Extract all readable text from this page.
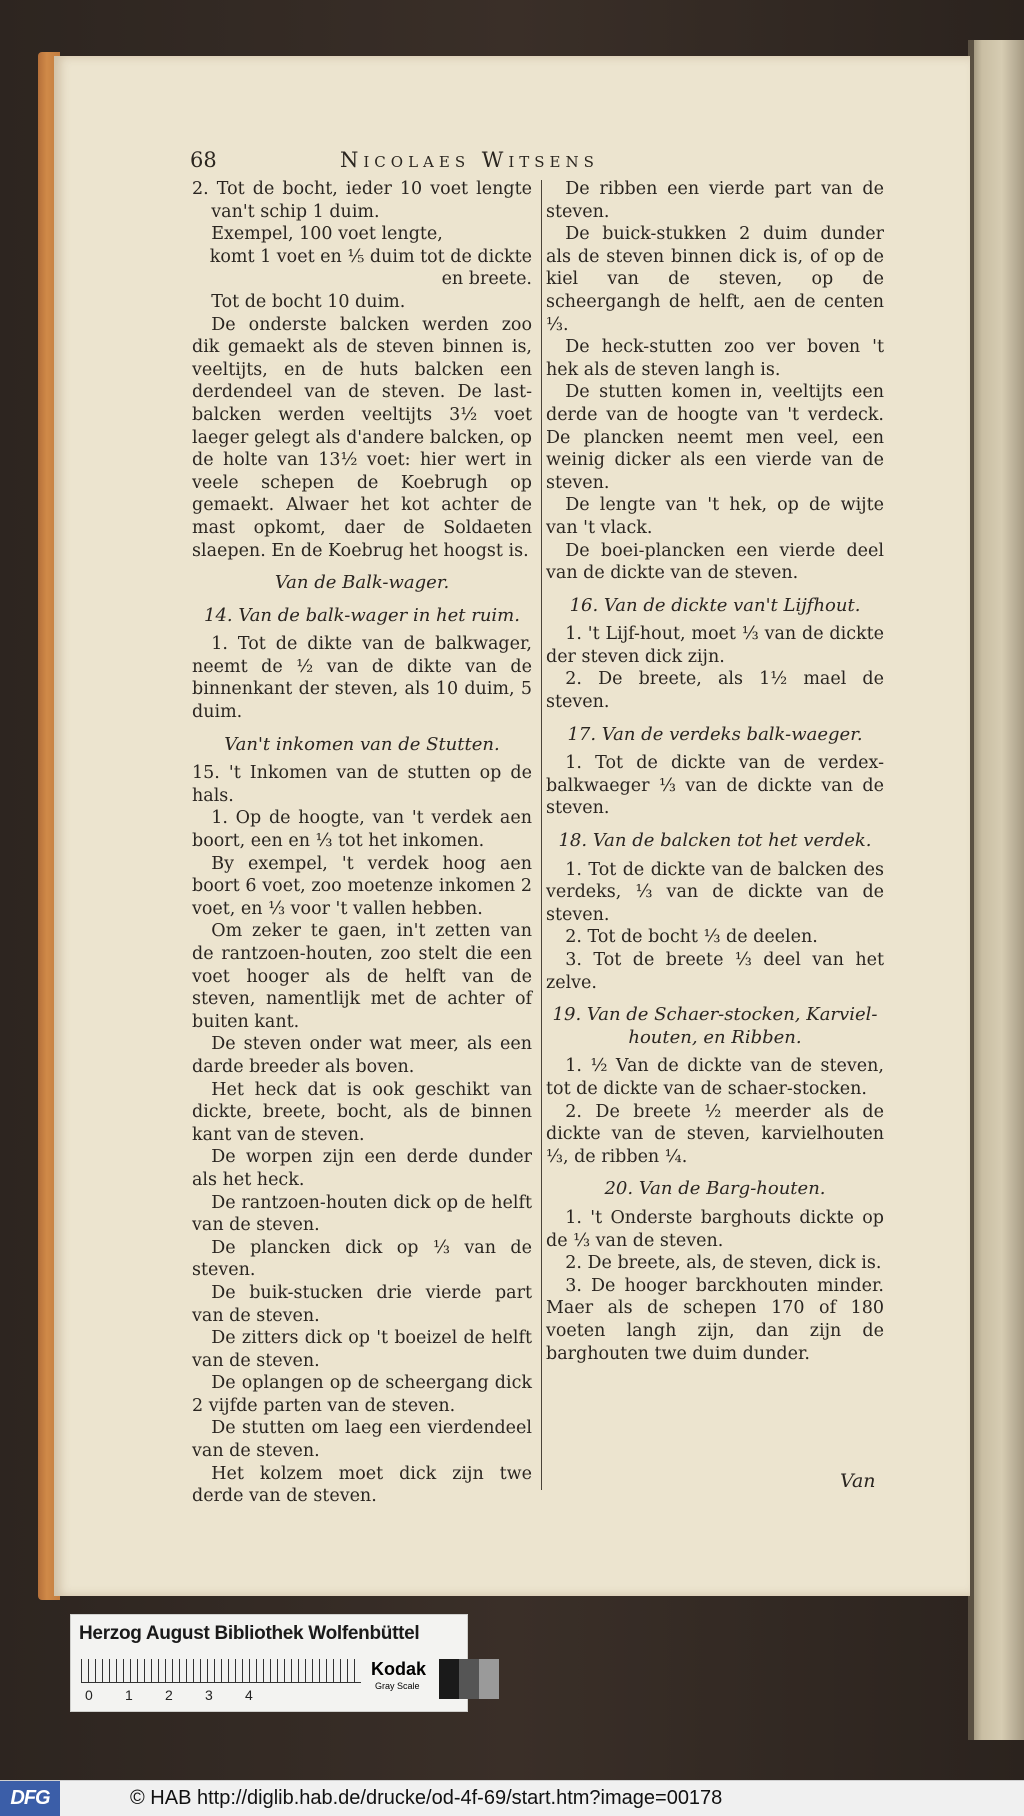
68	Nicolaes Witsens

2. Tot de bocht, ieder 10 voet lengte van't schip 1 duim.

Exempel, 100 voet lengte,

komt 1 voet en ⅕ duim tot de dickte en breete.

Tot de bocht 10 duim.

De onderste balcken werden zoo dik gemaekt als de steven binnen is, veeltijts, en de huts balcken een derdendeel van de steven. De last-balcken werden veeltijts 3½ voet laeger gelegt als d'andere balcken, op de holte van 13½ voet: hier wert in veele schepen de Koebrugh op gemaekt. Alwaer het kot achter de mast opkomt, daer de Soldaeten slaepen. En de Koebrug het hoogst is.

Van de Balk-wager.
14. Van de balk-wager in het ruim.

1. Tot de dikte van de balkwager, neemt de ½ van de dikte van de binnenkant der steven, als 10 duim, 5 duim.

Van't inkomen van de Stutten.

15. 't Inkomen van de stutten op de hals.

1. Op de hoogte, van 't verdek aen boort, een en ⅓ tot het inkomen.

By exempel, 't verdek hoog aen boort 6 voet, zoo moetenze inkomen 2 voet, en ⅓ voor 't vallen hebben.

Om zeker te gaen, in't zetten van de rantzoen-houten, zoo stelt die een voet hooger als de helft van de steven, namentlijk met de achter of buiten kant.

De steven onder wat meer, als een darde breeder als boven.

Het heck dat is ook geschikt van dickte, breete, bocht, als de binnen kant van de steven.

De worpen zijn een derde dunder als het heck.

De rantzoen-houten dick op de helft van de steven.

De plancken dick op ⅓ van de steven.

De buik-stucken drie vierde part van de steven.

De zitters dick op 't boeizel de helft van de steven.

De oplangen op de scheergang dick 2 vijfde parten van de steven.

De stutten om laeg een vierdendeel van de steven.

Het kolzem moet dick zijn twe derde van de steven.

De ribben een vierde part van de steven.

De buick-stukken 2 duim dunder als de steven binnen dick is, of op de kiel van de steven, op de scheergangh de helft, aen de centen ⅓.

De heck-stutten zoo ver boven 't hek als de steven langh is.

De stutten komen in, veeltijts een derde van de hoogte van 't verdeck. De plancken neemt men veel, een weinig dicker als een vierde van de steven.

De lengte van 't hek, op de wijte van 't vlack.

De boei-plancken een vierde deel van de dickte van de steven.

16. Van de dickte van't Lijfhout.

1. 't Lijf-hout, moet ⅓ van de dickte der steven dick zijn.

2. De breete, als 1½ mael de steven.

17. Van de verdeks balk-waeger.

1. Tot de dickte van de verdex-balkwaeger ⅓ van de dickte van de steven.

18. Van de balcken tot het verdek.

1. Tot de dickte van de balcken des verdeks, ⅓ van de dickte van de steven.

2. Tot de bocht ⅓ de deelen.

3. Tot de breete ⅓ deel van het zelve.

19. Van de Schaer-stocken, Karviel-houten, en Ribben.

1. ½ Van de dickte van de steven, tot de dickte van de schaer-stocken.

2. De breete ½ meerder als de dickte van de steven, karvielhouten ⅓, de ribben ¼.

20. Van de Barg-houten.

1. 't Onderste barghouts dickte op de ⅓ van de steven.

2. De breete, als, de steven, dick is.

3. De hooger barckhouten minder. Maer als de schepen 170 of 180 voeten langh zijn, dan zijn de barghouten twe duim dunder.

Van
Herzog August Bibliothek Wolfenbüttel
0 1 2 3 4
Kodak
Gray Scale
DFG	© HAB http://diglib.hab.de/drucke/od-4f-69/start.htm?image=00178
